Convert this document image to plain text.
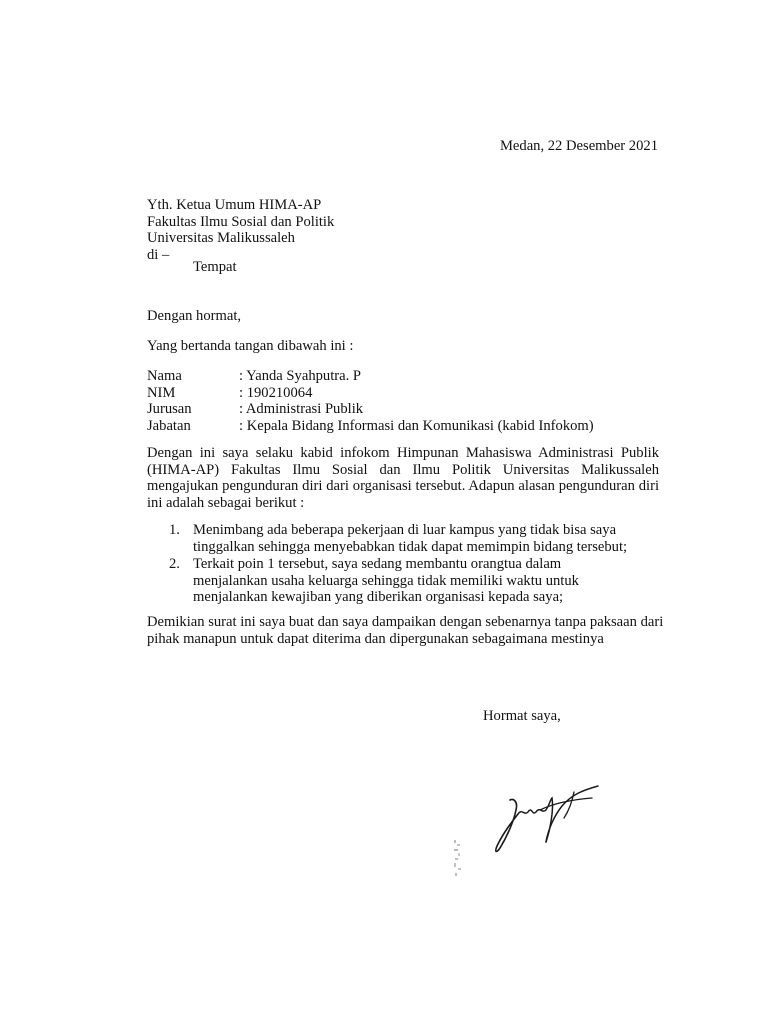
Medan, 22 Desember 2021
Yth. Ketua Umum HIMA-AP
Fakultas Ilmu Sosial dan Politik
Universitas Malikussaleh
di –
Tempat
Dengan hormat,
Yang bertanda tangan dibawah ini :
Nama	: Yanda Syahputra. P
NIM	: 190210064
Jurusan	: Administrasi Publik
Jabatan	: Kepala Bidang Informasi dan Komunikasi (kabid Infokom)
Dengan ini saya selaku kabid infokom Himpunan Mahasiswa Administrasi Publik (HIMA-AP) Fakultas Ilmu Sosial dan Ilmu Politik Universitas Malikussaleh mengajukan pengunduran diri dari organisasi tersebut. Adapun alasan pengunduran diri ini adalah sebagai berikut :
1. Menimbang ada beberapa pekerjaan di luar kampus yang tidak bisa saya tinggalkan sehingga menyebabkan tidak dapat memimpin bidang tersebut;
2. Terkait poin 1 tersebut, saya sedang membantu orangtua dalam menjalankan usaha keluarga sehingga tidak memiliki waktu untuk menjalankan kewajiban yang diberikan organisasi kepada saya;
Demikian surat ini saya buat dan saya dampaikan dengan sebenarnya tanpa paksaan dari pihak manapun untuk dapat diterima dan dipergunakan sebagaimana mestinya
Hormat saya,
